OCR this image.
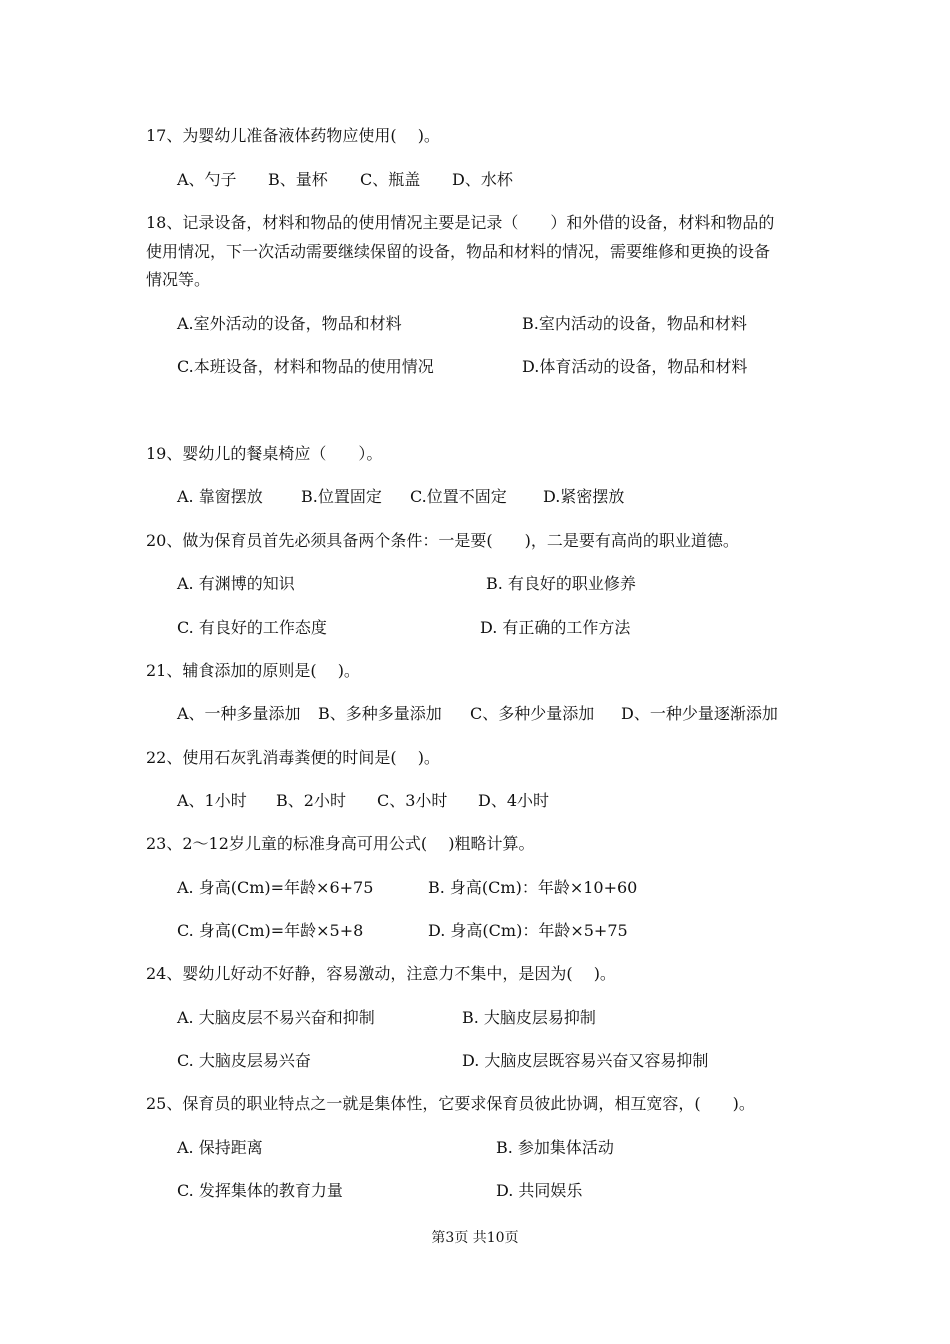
17、为婴幼儿准备液体药物应使用(　 )。
A、勺子 B、量杯 C、瓶盖 D、水杯
18、记录设备，材料和物品的使用情况主要是记录（　　）和外借的设备，材料和物品的
使用情况，下一次活动需要继续保留的设备，物品和材料的情况，需要维修和更换的设备
情况等。
A.室外活动的设备，物品和材料	B.室内活动的设备，物品和材料
C.本班设备，材料和物品的使用情况	D.体育活动的设备，物品和材料
19、婴幼儿的餐桌椅应（　　）。
A. 靠窗摆放 B.位置固定 C.位置不固定 D.紧密摆放
20、做为保育员首先必须具备两个条件：一是要(　　)，二是要有高尚的职业道德。
A. 有渊博的知识	B. 有良好的职业修养
C. 有良好的工作态度	D. 有正确的工作方法
21、辅食添加的原则是(　 )。
A、一种多量添加 B、多种多量添加 C、多种少量添加 D、一种少量逐渐添加
22、使用石灰乳消毒粪便的时间是(　 )。
A、1小时 B、2小时 C、3小时 D、4小时
23、2～12岁儿童的标准身高可用公式(　 )粗略计算。
A. 身高(Cm)=年龄×6+75	B. 身高(Cm)：年龄×10+60
C. 身高(Cm)=年龄×5+8	D. 身高(Cm)：年龄×5+75
24、婴幼儿好动不好静，容易激动，注意力不集中，是因为(　 )。
A. 大脑皮层不易兴奋和抑制	B. 大脑皮层易抑制
C. 大脑皮层易兴奋	D. 大脑皮层既容易兴奋又容易抑制
25、保育员的职业特点之一就是集体性，它要求保育员彼此协调，相互宽容，(　　)。
A. 保持距离	B. 参加集体活动
C. 发挥集体的教育力量	D. 共同娱乐
第3页 共10页
